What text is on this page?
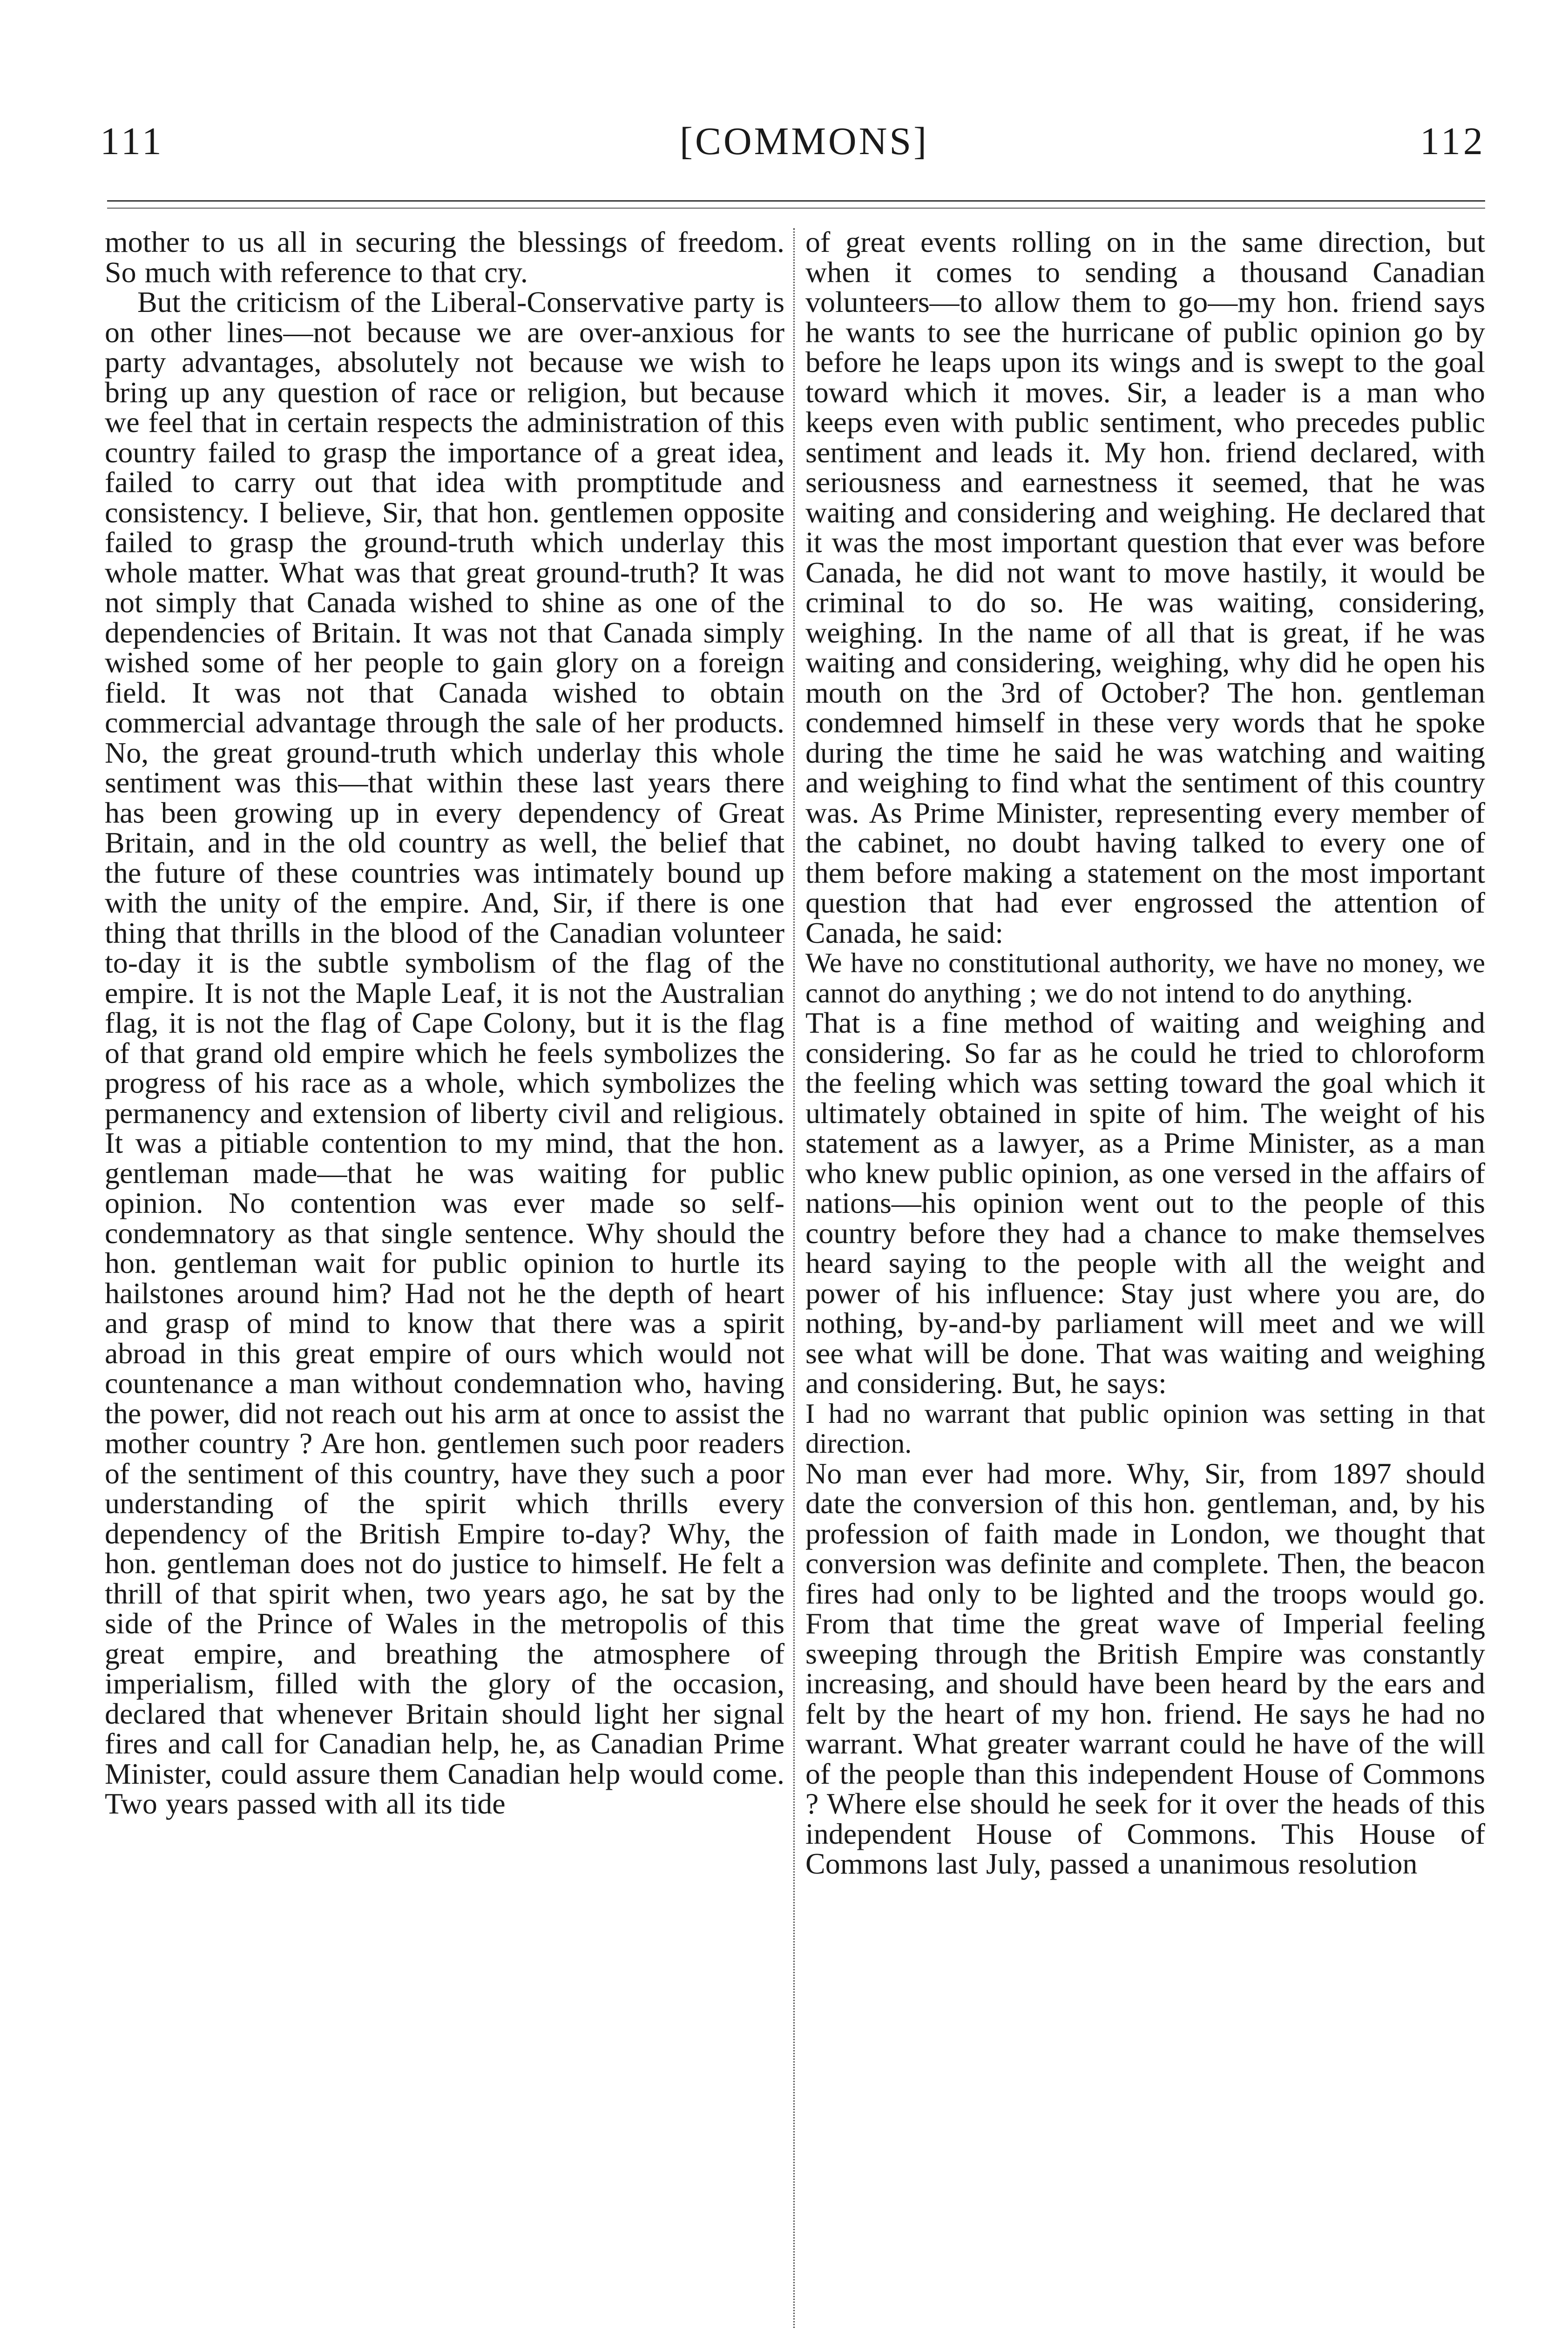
111	[COMMONS]	112

mother to us all in securing the blessings of freedom. So much with reference to that cry.

But the criticism of the Liberal-Conservative party is on other lines—not because we are over-anxious for party advantages, absolutely not because we wish to bring up any question of race or religion, but because we feel that in certain respects the administration of this country failed to grasp the importance of a great idea, failed to carry out that idea with promptitude and consistency. I believe, Sir, that hon. gentlemen opposite failed to grasp the ground-truth which underlay this whole matter. What was that great ground-truth? It was not simply that Canada wished to shine as one of the dependencies of Britain. It was not that Canada simply wished some of her people to gain glory on a foreign field. It was not that Canada wished to obtain commercial advantage through the sale of her products. No, the great ground-truth which underlay this whole sentiment was this—that within these last years there has been growing up in every dependency of Great Britain, and in the old country as well, the belief that the future of these countries was intimately bound up with the unity of the empire. And, Sir, if there is one thing that thrills in the blood of the Canadian volunteer to-day it is the subtle symbolism of the flag of the empire. It is not the Maple Leaf, it is not the Australian flag, it is not the flag of Cape Colony, but it is the flag of that grand old empire which he feels symbolizes the progress of his race as a whole, which symbolizes the permanency and extension of liberty civil and religious. It was a pitiable contention to my mind, that the hon. gentleman made—that he was waiting for public opinion. No contention was ever made so self-condemnatory as that single sentence. Why should the hon. gentleman wait for public opinion to hurtle its hailstones around him? Had not he the depth of heart and grasp of mind to know that there was a spirit abroad in this great empire of ours which would not countenance a man without condemnation who, having the power, did not reach out his arm at once to assist the mother country ? Are hon. gentlemen such poor readers of the sentiment of this country, have they such a poor understanding of the spirit which thrills every dependency of the British Empire to-day? Why, the hon. gentleman does not do justice to himself. He felt a thrill of that spirit when, two years ago, he sat by the side of the Prince of Wales in the metropolis of this great empire, and breathing the atmosphere of imperialism, filled with the glory of the occasion, declared that whenever Britain should light her signal fires and call for Canadian help, he, as Canadian Prime Minister, could assure them Canadian help would come. Two years passed with all its tide

of great events rolling on in the same direction, but when it comes to sending a thousand Canadian volunteers—to allow them to go—my hon. friend says he wants to see the hurricane of public opinion go by before he leaps upon its wings and is swept to the goal toward which it moves. Sir, a leader is a man who keeps even with public sentiment, who precedes public sentiment and leads it. My hon. friend declared, with seriousness and earnestness it seemed, that he was waiting and considering and weighing. He declared that it was the most important question that ever was before Canada, he did not want to move hastily, it would be criminal to do so. He was waiting, considering, weighing. In the name of all that is great, if he was waiting and considering, weighing, why did he open his mouth on the 3rd of October? The hon. gentleman condemned himself in these very words that he spoke during the time he said he was watching and waiting and weighing to find what the sentiment of this country was. As Prime Minister, representing every member of the cabinet, no doubt having talked to every one of them before making a statement on the most important question that had ever engrossed the attention of Canada, he said:

We have no constitutional authority, we have no money, we cannot do anything ; we do not intend to do anything.

That is a fine method of waiting and weighing and considering. So far as he could he tried to chloroform the feeling which was setting toward the goal which it ultimately obtained in spite of him. The weight of his statement as a lawyer, as a Prime Minister, as a man who knew public opinion, as one versed in the affairs of nations—his opinion went out to the people of this country before they had a chance to make themselves heard saying to the people with all the weight and power of his influence: Stay just where you are, do nothing, by-and-by parliament will meet and we will see what will be done. That was waiting and weighing and considering. But, he says:

I had no warrant that public opinion was setting in that direction.

No man ever had more. Why, Sir, from 1897 should date the conversion of this hon. gentleman, and, by his profession of faith made in London, we thought that conversion was definite and complete. Then, the beacon fires had only to be lighted and the troops would go. From that time the great wave of Imperial feeling sweeping through the British Empire was constantly increasing, and should have been heard by the ears and felt by the heart of my hon. friend. He says he had no warrant. What greater warrant could he have of the will of the people than this independent House of Commons ? Where else should he seek for it over the heads of this independent House of Commons. This House of Commons last July, passed a unanimous resolution
